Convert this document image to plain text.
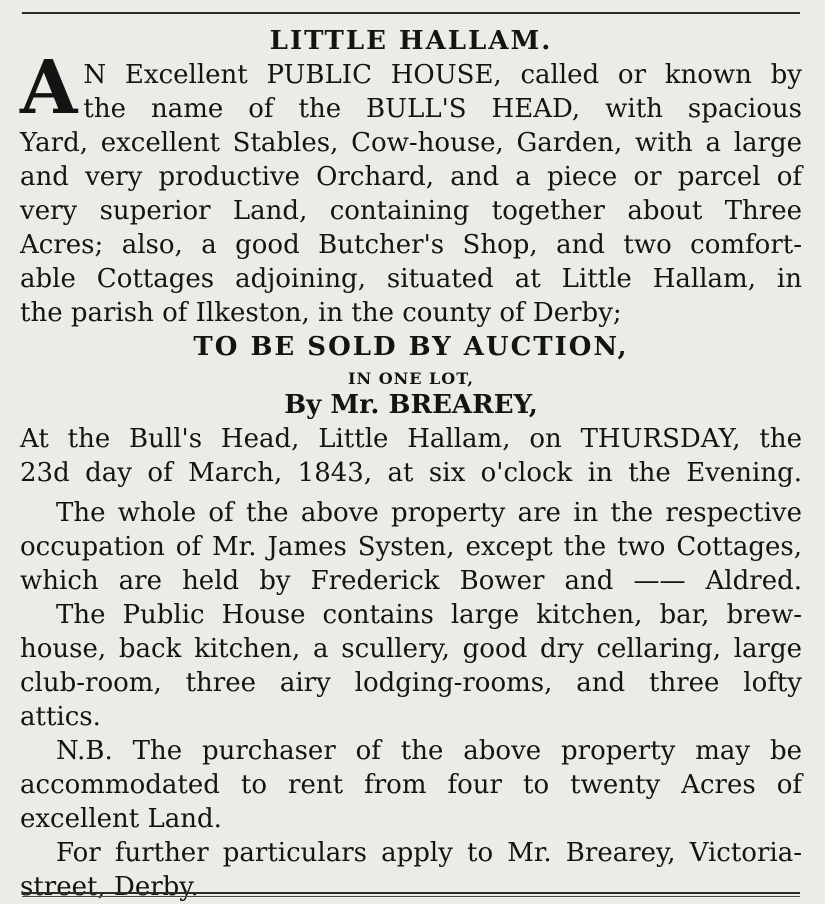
LITTLE HALLAM.
A N Excellent PUBLIC HOUSE, called or known by
the name of the BULL'S HEAD, with spacious
Yard, excellent Stables, Cow-house, Garden, with a large
and very productive Orchard, and a piece or parcel of
very superior Land, containing together about Three
Acres; also, a good Butcher's Shop, and two comfort-
able Cottages adjoining, situated at Little Hallam, in
the parish of Ilkeston, in the county of Derby;
TO BE SOLD BY AUCTION,
IN ONE LOT,
By Mr. BREAREY,
At the Bull's Head, Little Hallam, on THURSDAY, the
23d day of March, 1843, at six o'clock in the Evening.
The whole of the above property are in the respective
occupation of Mr. James Systen, except the two Cottages,
which are held by Frederick Bower and —— Aldred.
The Public House contains large kitchen, bar, brew-
house, back kitchen, a scullery, good dry cellaring, large
club-room, three airy lodging-rooms, and three lofty
attics.
N.B. The purchaser of the above property may be
accommodated to rent from four to twenty Acres of
excellent Land.
For further particulars apply to Mr. Brearey, Victoria-
street, Derby.
